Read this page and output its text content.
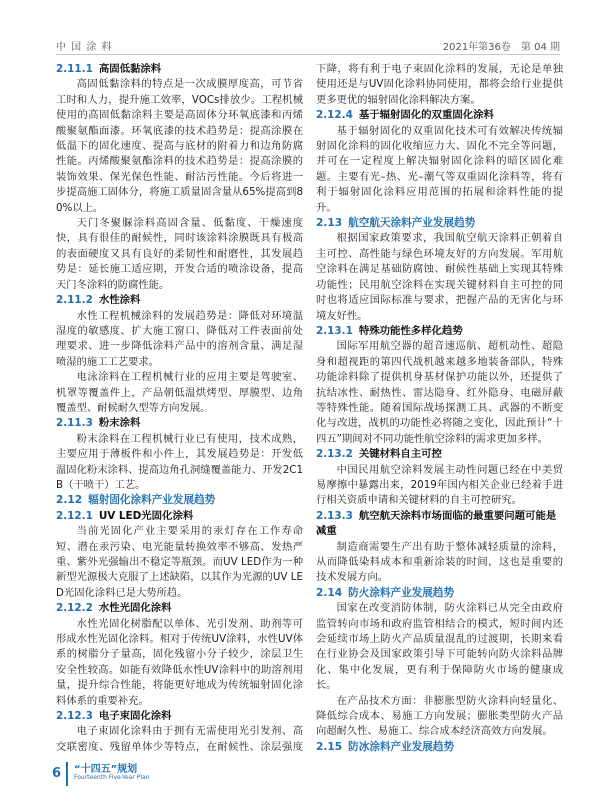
中 国 涂 料	2021年第36卷　第 04 期
2.11.1 高固低黏涂料

高固低黏涂料的特点是一次成膜厚度高，可节省工时和人力，提升施工效率，VOCs排放少。工程机械使用的高固低黏涂料主要是高固体分环氧底漆和丙烯酸聚氨酯面漆。环氧底漆的技术趋势是：提高涂膜在低温下的固化速度、提高与底材的附着力和边角防腐性能。丙烯酸聚氨酯涂料的技术趋势是：提高涂膜的装饰效果、保光保色性能、耐沾污性能。今后将进一步提高施工固体分，将施工质量固含量从65%提高到80%以上。

天门冬聚脲涂料高固含量、低黏度、干燥速度快，具有很佳的耐候性，同时该涂料涂膜既具有极高的表面硬度又具有良好的柔韧性和耐磨性，其发展趋势是：延长施工适应期，开发合适的喷涂设备，提高天门冬涂料的防腐性能。

2.11.2 水性涂料

水性工程机械涂料的发展趋势是：降低对环境温湿度的敏感度、扩大施工窗口、降低对工件表面前处理要求、进一步降低涂料产品中的溶剂含量、满足湿喷湿的施工工艺要求。

电泳涂料在工程机械行业的应用主要是驾驶室、机罩等覆盖件上，产品朝低温烘烤型、厚膜型、边角覆盖型、耐候耐久型等方向发展。

2.11.3 粉末涂料

粉末涂料在工程机械行业已有使用，技术成熟，主要应用于薄板件和小件上，其发展趋势是：开发低温固化粉末涂料、提高边角孔洞缝覆盖能力、开发2C1B（干喷干）工艺。

2.12 辐射固化涂料产业发展趋势
2.12.1 UV LED光固化涂料

当前光固化产业主要采用的汞灯存在工作寿命短、潜在汞污染、电光能量转换效率不够高、发热严重、紫外光强输出不稳定等瓶颈。而UV LED作为一种新型光源极大克服了上述缺陷，以其作为光源的UV LED光固化涂料已是大势所趋。

2.12.2 水性光固化涂料

水性光固化树脂配以单体、光引发剂、助剂等可形成水性光固化涂料。相对于传统UV涂料，水性UV体系的树脂分子量高，固化残留小分子较少，涂层卫生安全性较高。如能有效降低水性UV涂料中的助溶剂用量，提升综合性能，将能更好地成为传统辐射固化涂料体系的重要补充。

2.12.3 电子束固化涂料

电子束固化涂料由于拥有无需使用光引发剂、高交联密度、残留单体少等特点，在耐候性、涂层强度

下降，将有利于电子束固化涂料的发展，无论是单独使用还是与UV固化涂料协同使用，都将会给行业提供更多更优的辐射固化涂料解决方案。

2.12.4 基于辐射固化的双重固化涂料

基于辐射固化的双重固化技术可有效解决传统辐射固化涂料的固化收缩应力大、固化不完全等问题，并可在一定程度上解决辐射固化涂料的暗区固化难题。主要有光–热、光–潮气等双重固化涂料等，将有利于辐射固化涂料应用范围的拓展和涂料性能的提升。

2.13 航空航天涂料产业发展趋势

根据国家政策要求，我国航空航天涂料正朝着自主可控、高性能与绿色环境友好的方向发展。军用航空涂料在满足基础防腐蚀、耐候性基础上实现其特殊功能性；民用航空涂料在实现关键材料自主可控的同时也将适应国际标准与要求，把握产品的无害化与环境友好性。

2.13.1 特殊功能性多样化趋势

国际军用航空器的超音速巡航、超机动性、超隐身和超视距的第四代战机越来越多地装备部队，特殊功能涂料除了提供机身基材保护功能以外，还提供了抗结冰性、耐热性、雷达隐身、红外隐身、电磁屏蔽等特殊性能。随着国际战场探测工具、武器的不断变化与改进，战机的功能性必将随之变化，因此预计“十四五”期间对不同功能性航空涂料的需求更加多样。

2.13.2 关键材料自主可控

中国民用航空涂料发展主动性问题已经在中美贸易摩擦中暴露出来，2019年国内相关企业已经着手进行相关资质申请和关键材料的自主可控研究。

2.13.3 航空航天涂料市场面临的最重要问题可能是减重

制造商需要生产出有助于整体减轻质量的涂料，从而降低染料成本和重新涂装的时间，这也是重要的技术发展方向。

2.14 防火涂料产业发展趋势

国家在改变消防体制，防火涂料已从完全由政府监管转向市场和政府监管相结合的模式，短时间内还会延续市场上防火产品质量混乱的过渡期，长期来看在行业协会及国家政策引导下可能转向防火涂料品牌化、集中化发展，更有利于保障防火市场的健康成长。

在产品技术方面：非膨胀型防火涂料向轻量化、降低综合成本、易施工方向发展；膨胀类型防火产品向超耐久性、易施工、综合成本经济高效方向发展。

2.15 防冰涂料产业发展趋势

6 “十四五”规划
Fourteenth Five-Year Plan
